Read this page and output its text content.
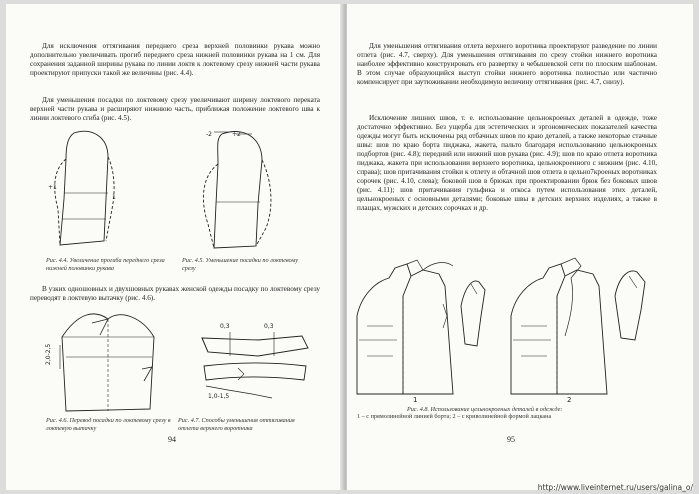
Для исключения оттягивания переднего среза верхней половинки рукава можно дополнительно увеличивать прогиб переднего среза нижней половинки рукава на 1 см. Для сохранения заданной ширины рукава по линии локтя к локтевому срезу нижней части рукава проектируют припуски такой же величины (рис. 4.4).
Для уменьшения посадки по локтевому срезу увеличивают ширину локтевого переката верхней части рукава и расширяют нижнюю часть, приближая положение локтевого шва к линии локтевого сгиба (рис. 4.5).
+1
1
-2	+2
Рис. 4.4. Увеличение прогиба переднего среза нижней половинки рукава
Рис. 4.5. Уменьшение посадки по локтевому срезу
В узких одношовных и двухшовных рукавах женской одежды посадку по локтевому срезу переводят в локтевую вытачку (рис. 4.6).
2,0-2,5
0,3	0,3
1,0-1,5
Рис. 4.6. Перевод посадки по локтевому срезу в локтевую вытачку
Рис. 4.7. Способы уменьшения оттягивания отлета верхнего воротника
94
Для уменьшения оттягивания отлета верхнего воротника проектируют разведение по линии отлета (рис. 4.7, сверху). Для уменьшения оттягивания по срезу стойки нижнего воротника наиболее эффективно конструировать его развертку в чебышевской сети по плоским шаблонам. В этом случае образующийся выступ стойки нижнего воротника полностью или частично компенсирует при заутюживании необходимую величину оттягивания (рис. 4.7, снизу).
Исключение лишних швов, т. е. использование цельнокроеных деталей в одежде, тоже достаточно эффективно. Без ущерба для эстетических и эргономических показателей качества одежды могут быть исключены ряд отбачных швов по краю деталей, а также некоторые стачные швы: шов по краю борта пиджака, жакета, пальто благодаря использованию цельнокроеных подбортов (рис. 4.8); передний или нижний шов рукава (рис. 4.9); шов по краю отлета воротника пиджака, жакета при использовании верхнего воротника, цельнокроенного с нижним (рис. 4.10, справа); шов притачивания стойки к отлету и обтачной шов отлета в цельно7кроеных воротниках сорочек (рис. 4.10, слева); боковой шов в брюках при проектировании брюк без боковых швов (рис. 4.11); шов притачивания гульфика и откоса путем использования этих деталей, цельнокроеных с основными деталями; боковые швы в детских верхних изделиях, а также в плащах, мужских и детских сорочках и др.
1	2
Рис. 4.8. Использование цельнокроеных деталей в одежде:
1 – с прямолинейной линией борта; 2 – с криволинейной формой лацкана
95
http://www.liveinternet.ru/users/galina_o/
